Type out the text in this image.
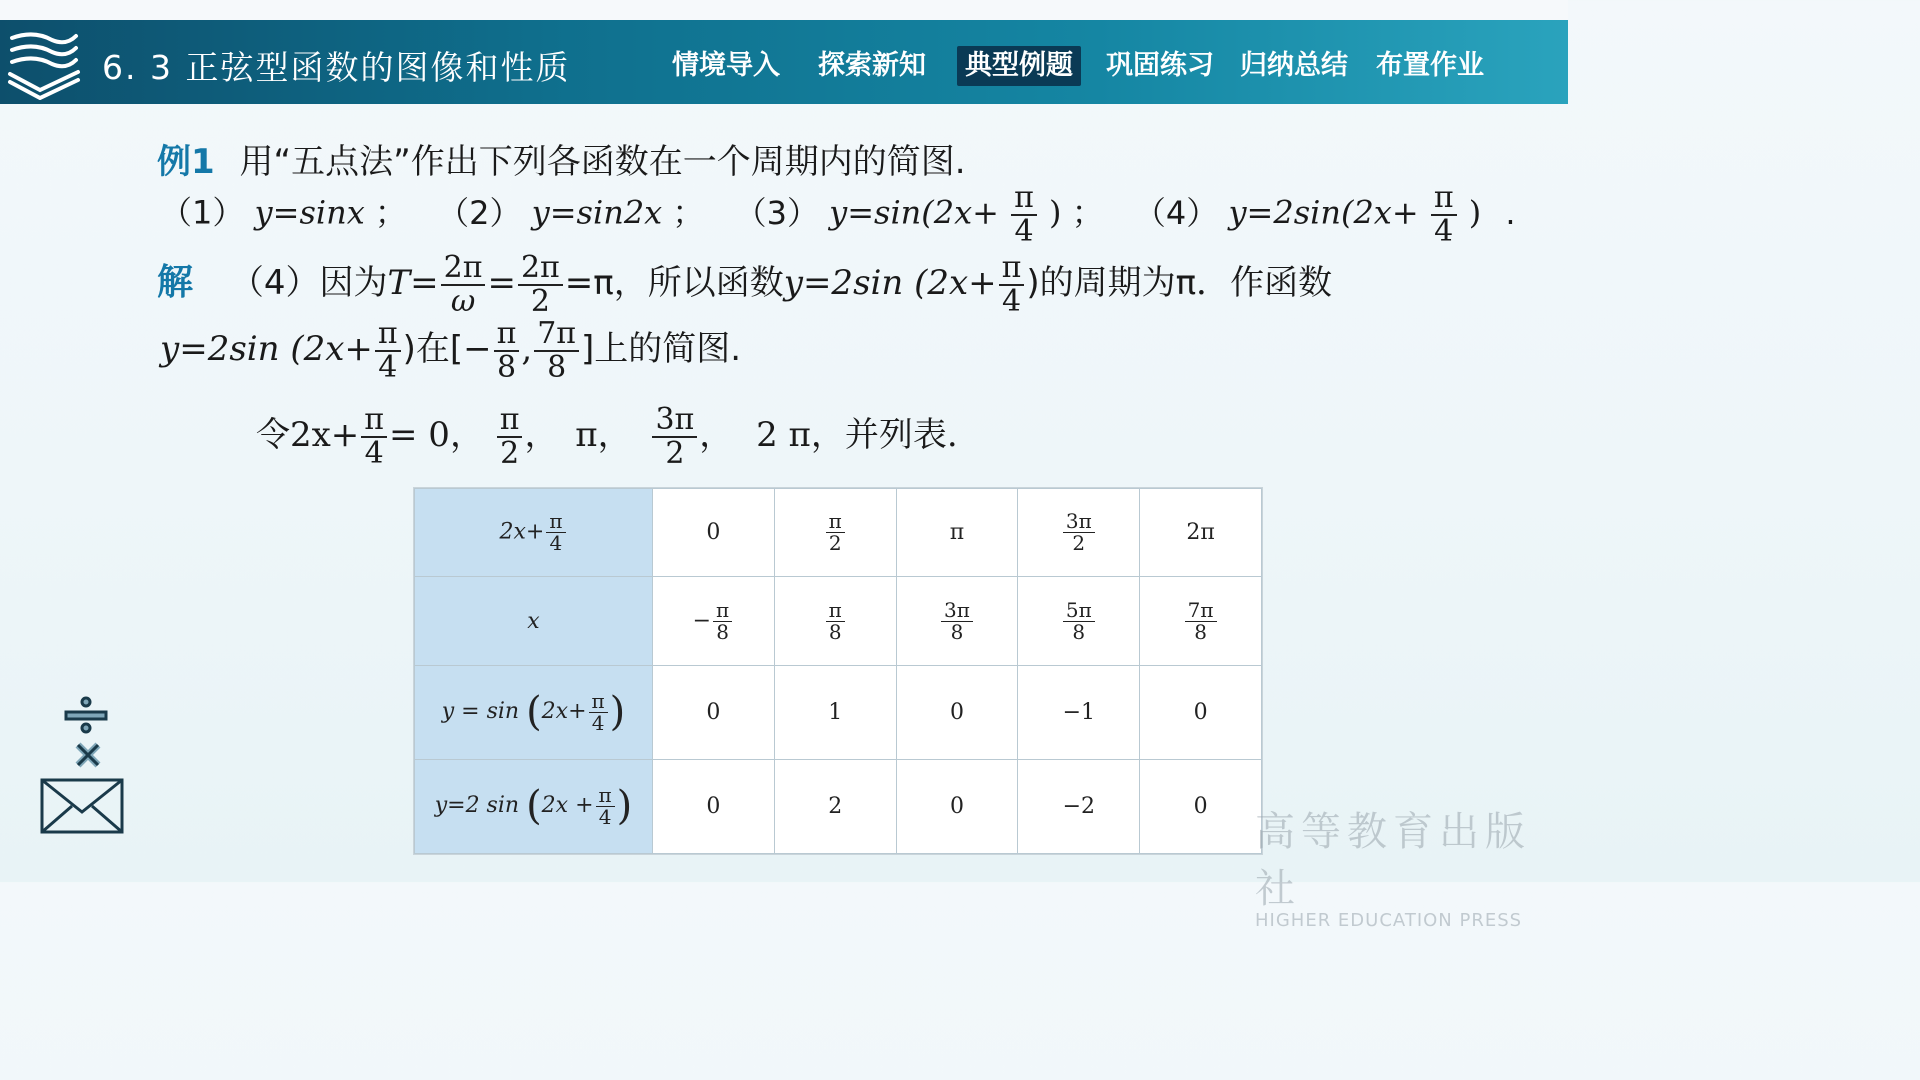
6. 3 正弦型函数的图像和性质	情境导入 探索新知 典型例题 巩固练习 归纳总结 布置作业
例1 用“五点法”作出下列各函数在一个周期内的简图.
（1） y=sinx ； （2） y=sin2x ； （3） $y=\sin(2x+ \frac{\pi}{4}$ ) ； （4） $y=2\sin(2x+ \frac{\pi}{4}$ ) .
解 （4）因为$T= \frac{2\pi}{\omega} = \frac{2\pi}{2} =\pi$，所以函数y=2sin ($2x+ \frac{\pi}{4}$ )的周期为π．作函数
y=2sin ($2x+ \frac{\pi}{4}$ )在[− $\frac{\pi}{8}$ , $\frac{7\pi}{8}$ ]上的简图.
令$2x+ \frac{\pi}{4} = 0$， $\frac{\pi}{2}$ ， π， $\frac{3\pi}{2}$ ， 2 π，并列表.
$2x+ \frac{\pi}{4}$	0	$\frac{\pi}{2}$	π	$\frac{3\pi}{2}$	2π
x	− $\frac{\pi}{8}$	$\frac{\pi}{8}$	$\frac{3\pi}{8}$	$\frac{5\pi}{8}$	$\frac{7\pi}{8}$

$y = \sin (2x+ \frac{\pi}{4}$ )	0	1	0	−1	0
y=2 $\sin (2x + \frac{\pi}{4}$ )	0	2	0	−2	0
高等教育出版社
HIGHER EDUCATION PRESS
